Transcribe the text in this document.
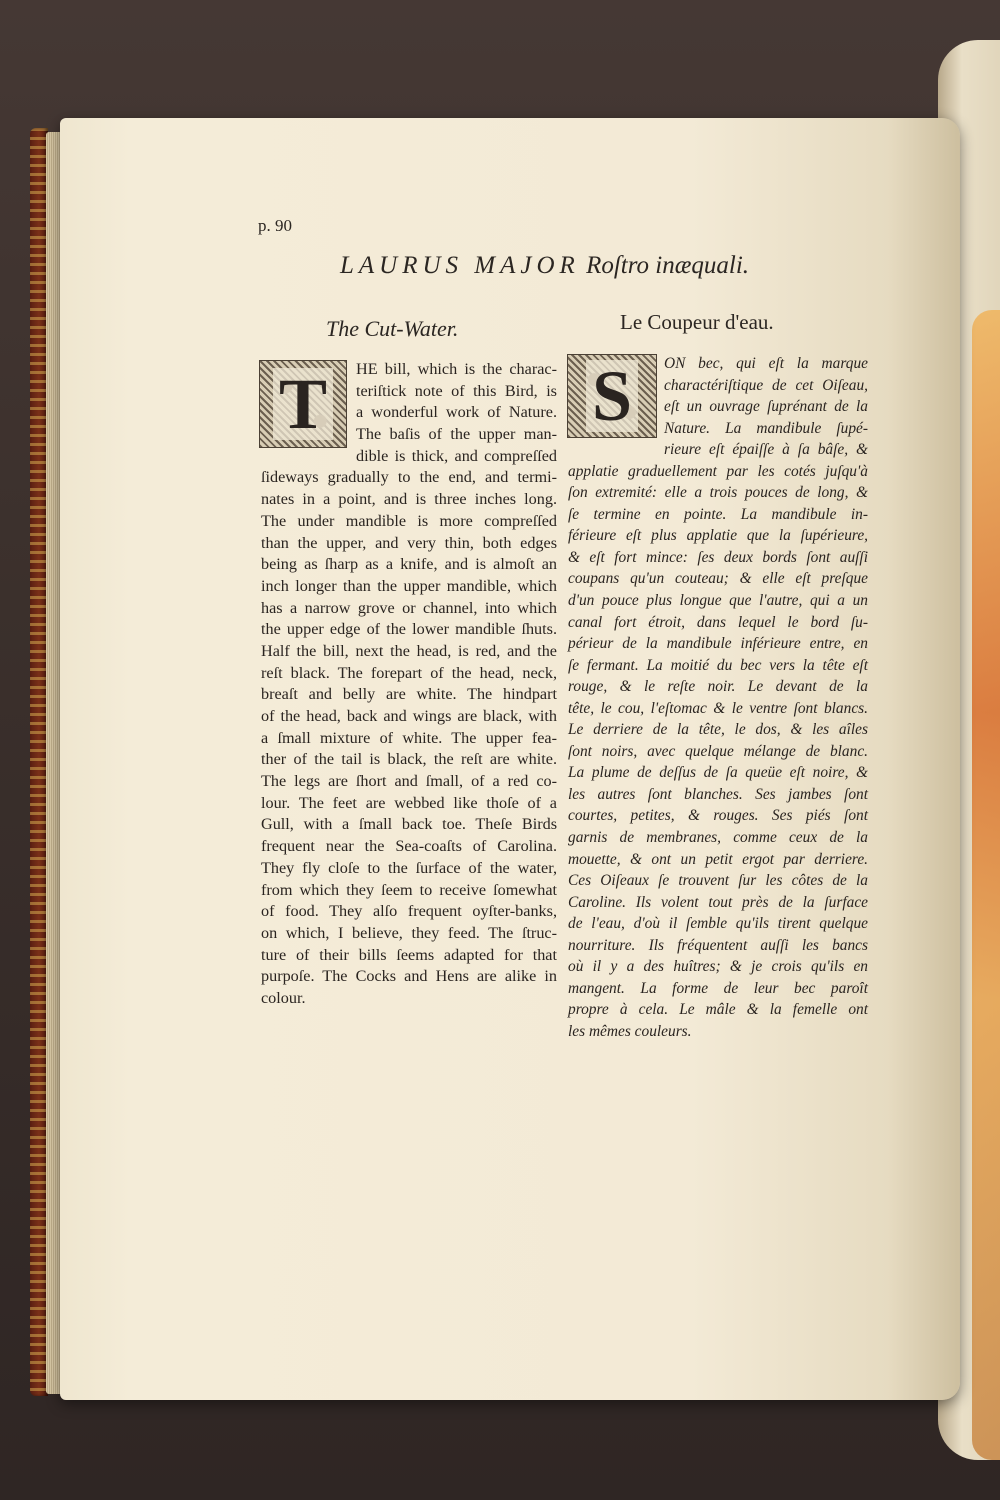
p. 90
LAURUS MAJOR Roſtro inæquali.
The Cut-Water.	Le Coupeur d'eau.
HE bill, which is the charac-
teriſtick note of this Bird, is
a wonderful work of Nature.
The baſis of the upper man-
dible is thick, and compreſſed
ſideways gradually to the end, and termi-
nates in a point, and is three inches long.
The under mandible is more compreſſed
than the upper, and very thin, both edges
being as ſharp as a knife, and is almoſt an
inch longer than the upper mandible, which
has a narrow grove or channel, into which
the upper edge of the lower mandible ſhuts.
Half the bill, next the head, is red, and the
reſt black. The forepart of the head, neck,
breaſt and belly are white. The hindpart
of the head, back and wings are black, with
a ſmall mixture of white. The upper fea-
ther of the tail is black, the reſt are white.
The legs are ſhort and ſmall, of a red co-
lour. The feet are webbed like thoſe of a
Gull, with a ſmall back toe. Theſe Birds
frequent near the Sea-coaſts of Carolina.
They fly cloſe to the ſurface of the water,
from which they ſeem to receive ſomewhat
of food. They alſo frequent oyſter-banks,
on which, I believe, they feed. The ſtruc-
ture of their bills ſeems adapted for that
purpoſe. The Cocks and Hens are alike in
colour.
ON bec, qui eſt la marque
charactériſtique de cet Oiſeau,
eſt un ouvrage ſuprénant de la
Nature. La mandibule ſupé-
rieure eſt épaiſſe à ſa bâſe, &
applatie graduellement par les cotés juſqu'à
ſon extremité: elle a trois pouces de long, &
ſe termine en pointe. La mandibule in-
férieure eſt plus applatie que la ſupérieure,
& eſt fort mince: ſes deux bords ſont auſſi
coupans qu'un couteau; & elle eſt preſque
d'un pouce plus longue que l'autre, qui a un
canal fort étroit, dans lequel le bord ſu-
périeur de la mandibule inférieure entre, en
ſe fermant. La moitié du bec vers la tête eſt
rouge, & le reſte noir. Le devant de la
tête, le cou, l'eſtomac & le ventre ſont blancs.
Le derriere de la tête, le dos, & les aîles
ſont noirs, avec quelque mélange de blanc.
La plume de deſſus de ſa queüe eſt noire, &
les autres ſont blanches. Ses jambes ſont
courtes, petites, & rouges. Ses piés ſont
garnis de membranes, comme ceux de la
mouette, & ont un petit ergot par derriere.
Ces Oiſeaux ſe trouvent ſur les côtes de la
Caroline. Ils volent tout près de la ſurface
de l'eau, d'où il ſemble qu'ils tirent quelque
nourriture. Ils fréquentent auſſi les bancs
où il y a des huîtres; & je crois qu'ils en
mangent. La forme de leur bec paroît
propre à cela. Le mâle & la femelle ont
les mêmes couleurs.
T	S
